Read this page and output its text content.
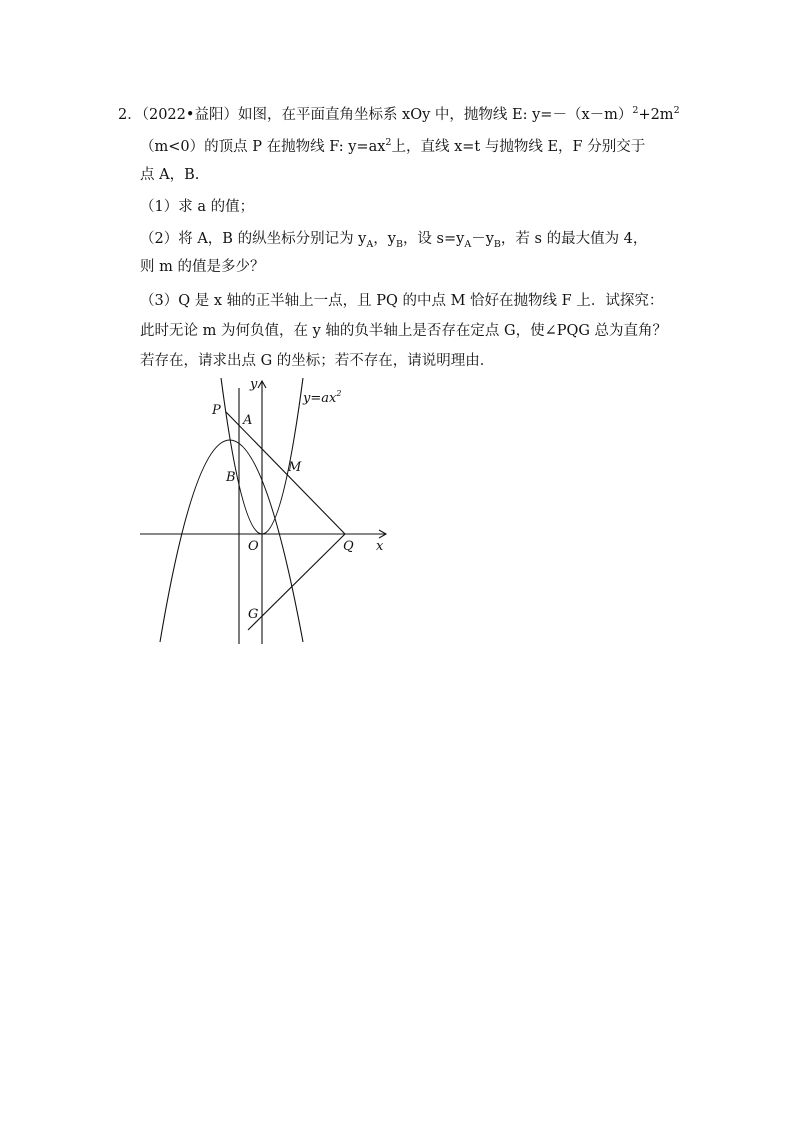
2．（2022•益阳）如图，在平面直角坐标系 xOy 中，抛物线 E: $y=-(x-m)^2+2m^2$
（m<0）的顶点 P 在抛物线 F: $y=ax^2$上，直线 x=t 与抛物线 E，F 分别交于
点 A，B.
（1）求 a 的值；
（2）将 A，B 的纵坐标分别记为 $y_A$，$y_B$，设 $s=y_A-y_B$，若 s 的最大值为 4，
则 m 的值是多少？
（3）Q 是 x 轴的正半轴上一点，且 PQ 的中点 M 恰好在抛物线 F 上．试探究：
此时无论 m 为何负值，在 y 轴的负半轴上是否存在定点 G，使∠PQG 总为直角？
若存在，请求出点 G 的坐标；若不存在，请说明理由．
y
x
O
P
A
B
M
Q
G
$y=ax^2$
